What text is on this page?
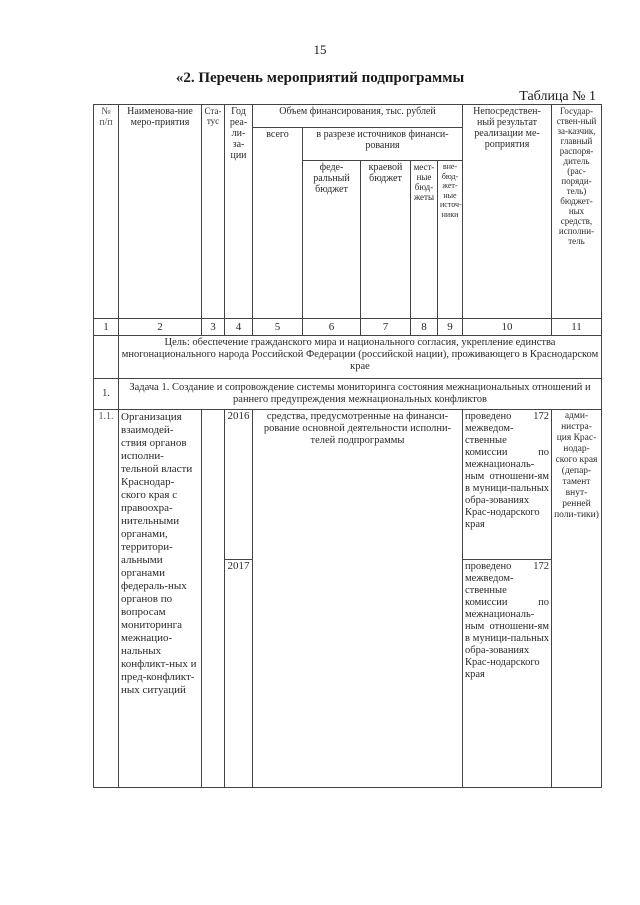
15
«2. Перечень мероприятий подпрограммы
Таблица № 1
№ п/п	Наименова-ние меро-приятия	Ста-тус	Год реа-ли-за-ции	Объем финансирования, тыс. рублей					Непосредствен-ный результат реализации ме-роприятия	Государ-ствен-ный за-казчик, главный распоря-дитель (рас-поряди-тель) бюджет-ных средств, исполни-тель
				всего	в разрезе источников финанси-рования					
					феде-ральный бюджет	краевой бюджет	мест-ные бюд-жеты	вне-бюд-жет-ные источ-ники		
1	2	3	4	5	6	7	8	9	10	11
	Цель: обеспечение гражданского мира и национального согласия, укрепление единства многонационального народа Российской Федерации (российской нации), проживающего в Краснодарском крае									
1.	Задача 1. Создание и сопровождение системы мониторинга состояния межнациональных отношений и раннего предупреждения межнациональных конфликтов									
1.1.	Организация взаимодей-ствия органов исполни-тельной власти Краснодар-ского края с правоохра-нительными органами, территори-альными органами федераль-ных органов по вопросам мониторинга межнацио-нальных конфликт-ных и пред-конфликт-ных ситуаций		2016	средства, предусмотренные на финанси-рование основной деятельности исполни-телей подпрограммы					проведено 172 межведом-ственные комиссии по межнациональ-ным отношени-ям в муници-пальных обра-зованиях Крас-нодарского края	адми-нистра-ция Крас-нодар-ского края (депар-тамент внут-ренней поли-тики)
			2017						проведено 172 межведом-ственные комиссии по межнациональ-ным отношени-ям в муници-пальных обра-зованиях Крас-нодарского края	
